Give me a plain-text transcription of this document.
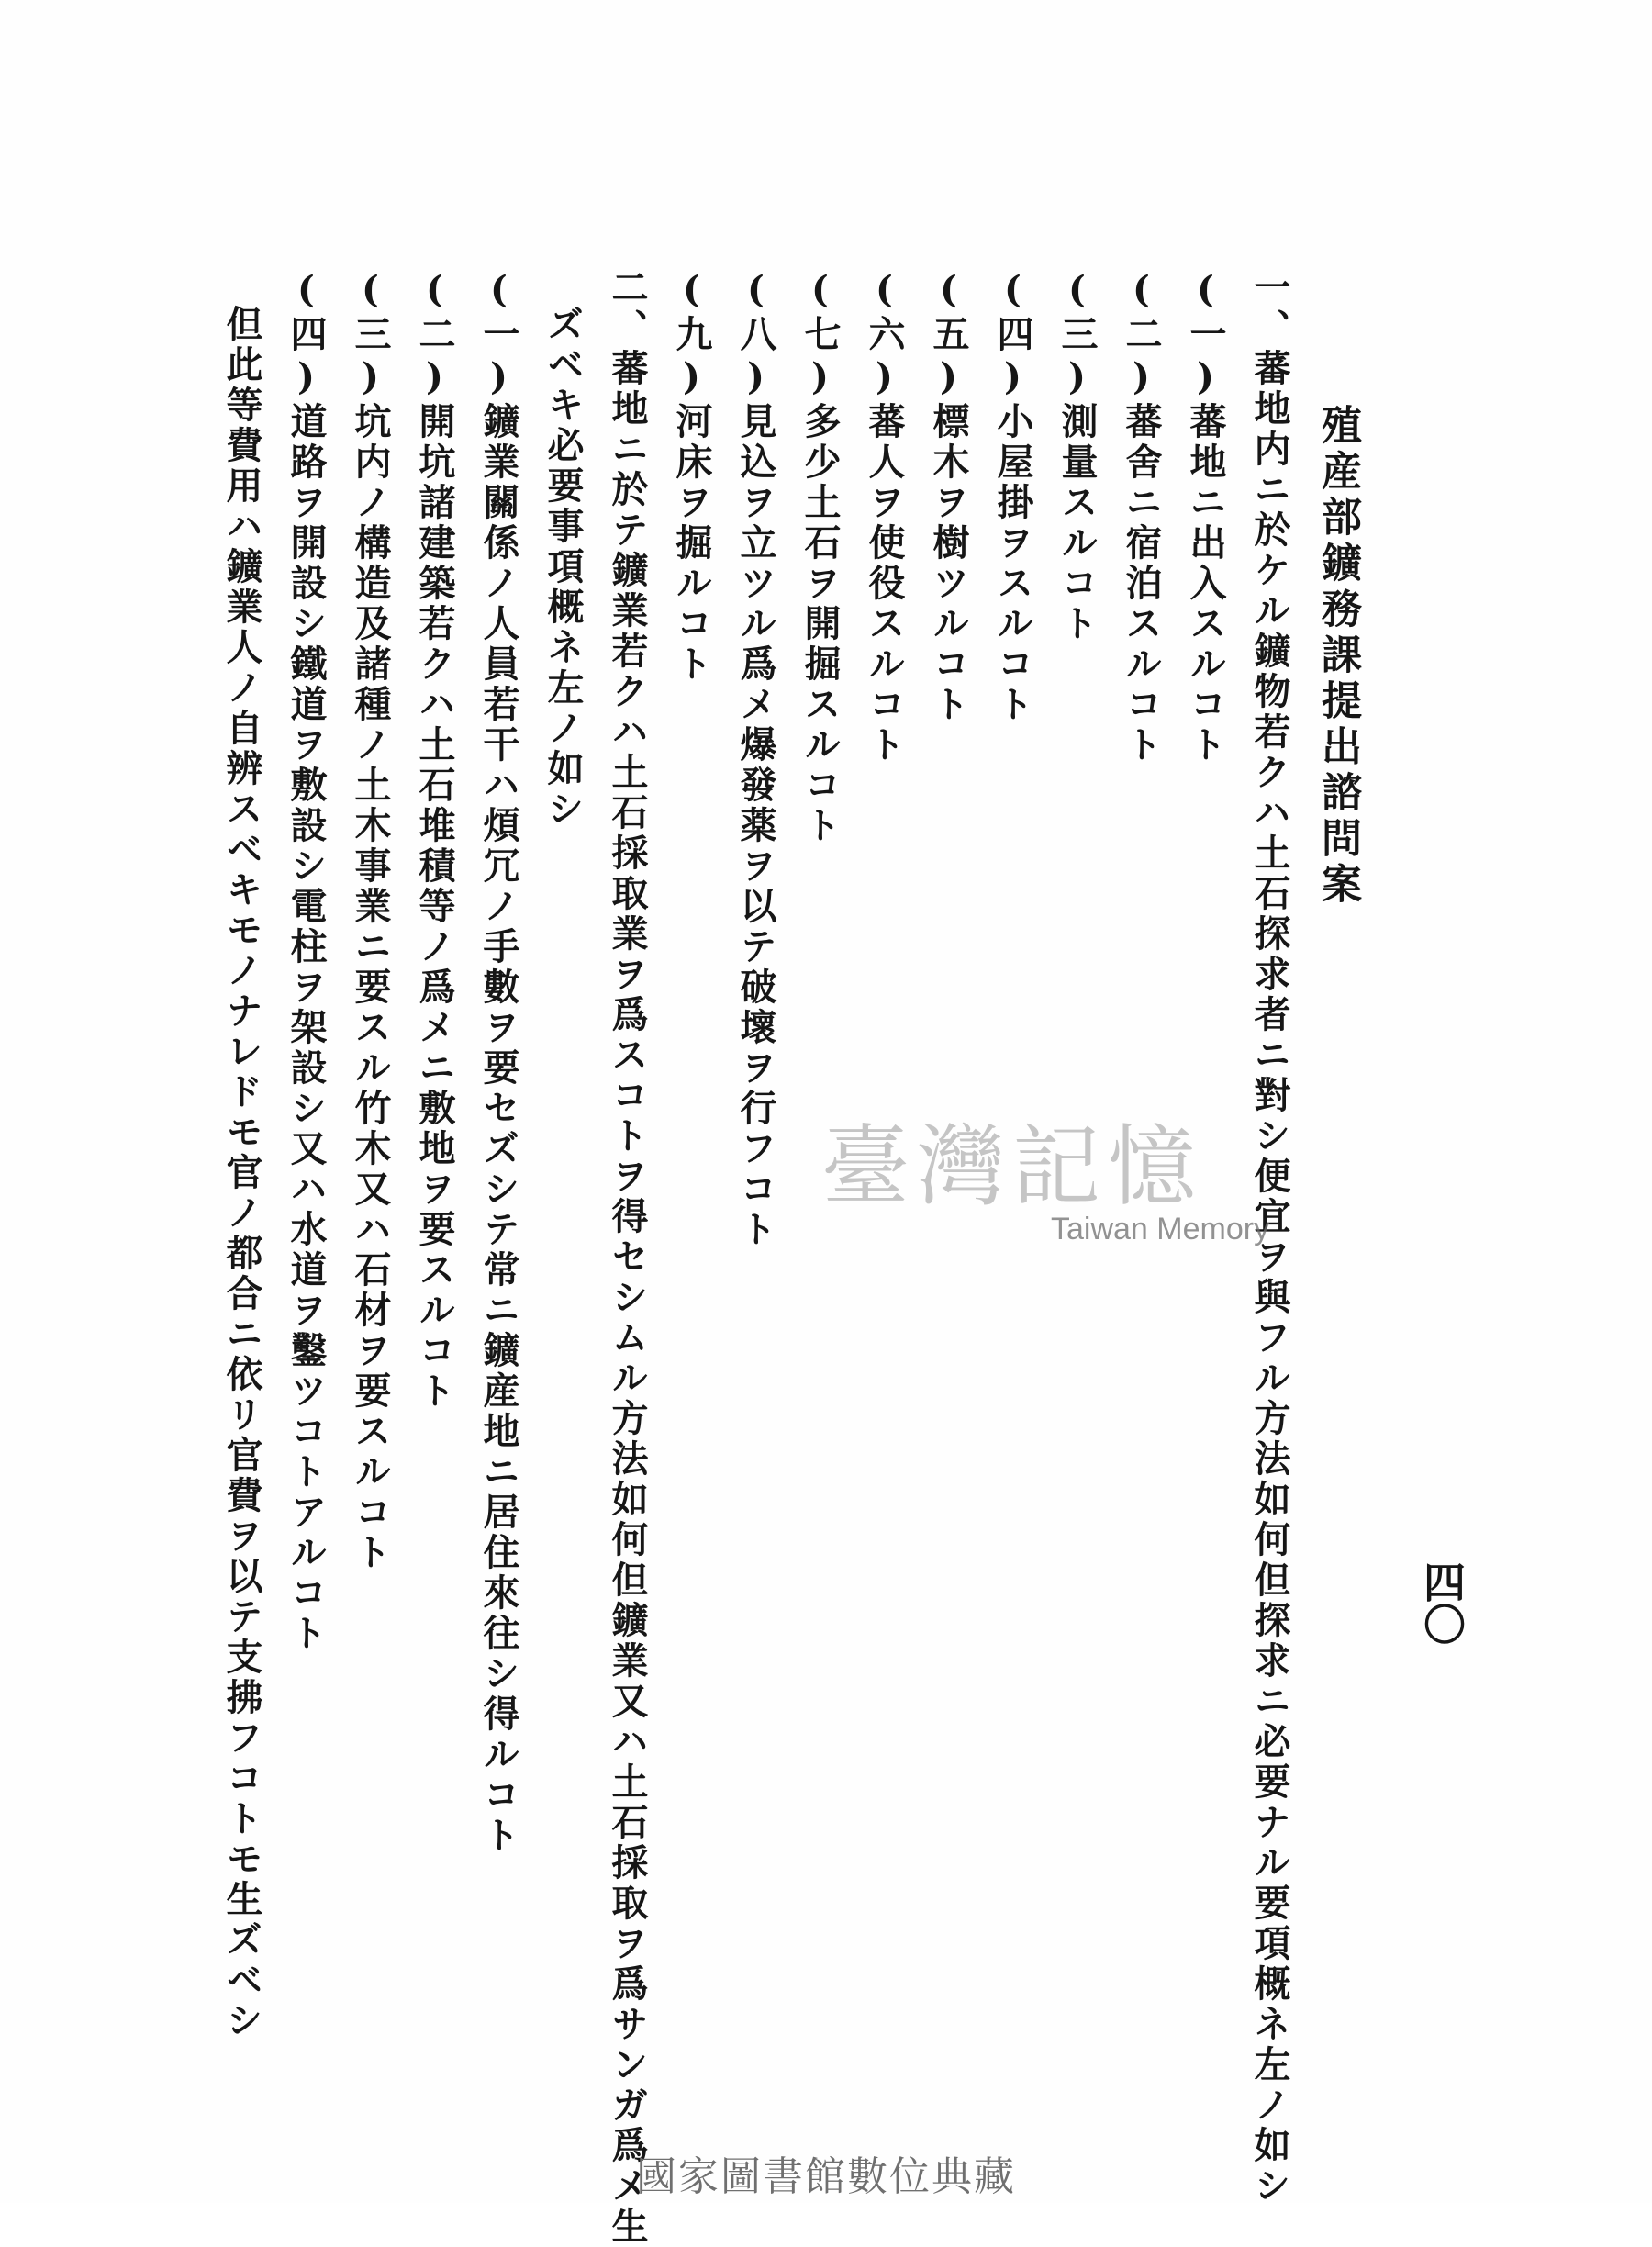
殖産部鑛務課提出諮問案
四〇
一、蕃地内ニ於ケル鑛物若クハ土石探求者ニ對シ便宜ヲ與フル方法如何但探求ニ必要ナル要項概ネ左ノ如シ
(一)蕃地ニ出入スルコト
(二)蕃舍ニ宿泊スルコト
(三)測量スルコト
(四)小屋掛ヲスルコト
(五)標木ヲ樹ツルコト
(六)蕃人ヲ使役スルコト
(七)多少土石ヲ開掘スルコト
(八)見込ヲ立ツル爲メ爆發薬ヲ以テ破壞ヲ行フコト
(九)河床ヲ掘ルコト
二、蕃地ニ於テ鑛業若クハ土石採取業ヲ爲スコトヲ得セシムル方法如何但鑛業又ハ土石採取ヲ爲サンガ爲メ生
ズベキ必要事項概ネ左ノ如シ
(一)鑛業關係ノ人員若干ハ煩冗ノ手數ヲ要セズシテ常ニ鑛産地ニ居住來往シ得ルコト
(二)開坑諸建築若クハ土石堆積等ノ爲メニ敷地ヲ要スルコト
(三)坑内ノ構造及諸種ノ土木事業ニ要スル竹木又ハ石材ヲ要スルコト
(四)道路ヲ開設シ鐵道ヲ敷設シ電柱ヲ架設シ又ハ水道ヲ鑿ツコトアルコト
但此等費用ハ鑛業人ノ自辨スベキモノナレドモ官ノ都合ニ依リ官費ヲ以テ支拂フコトモ生ズベシ	臺灣記憶
Taiwan Memory
國家圖書館數位典藏
